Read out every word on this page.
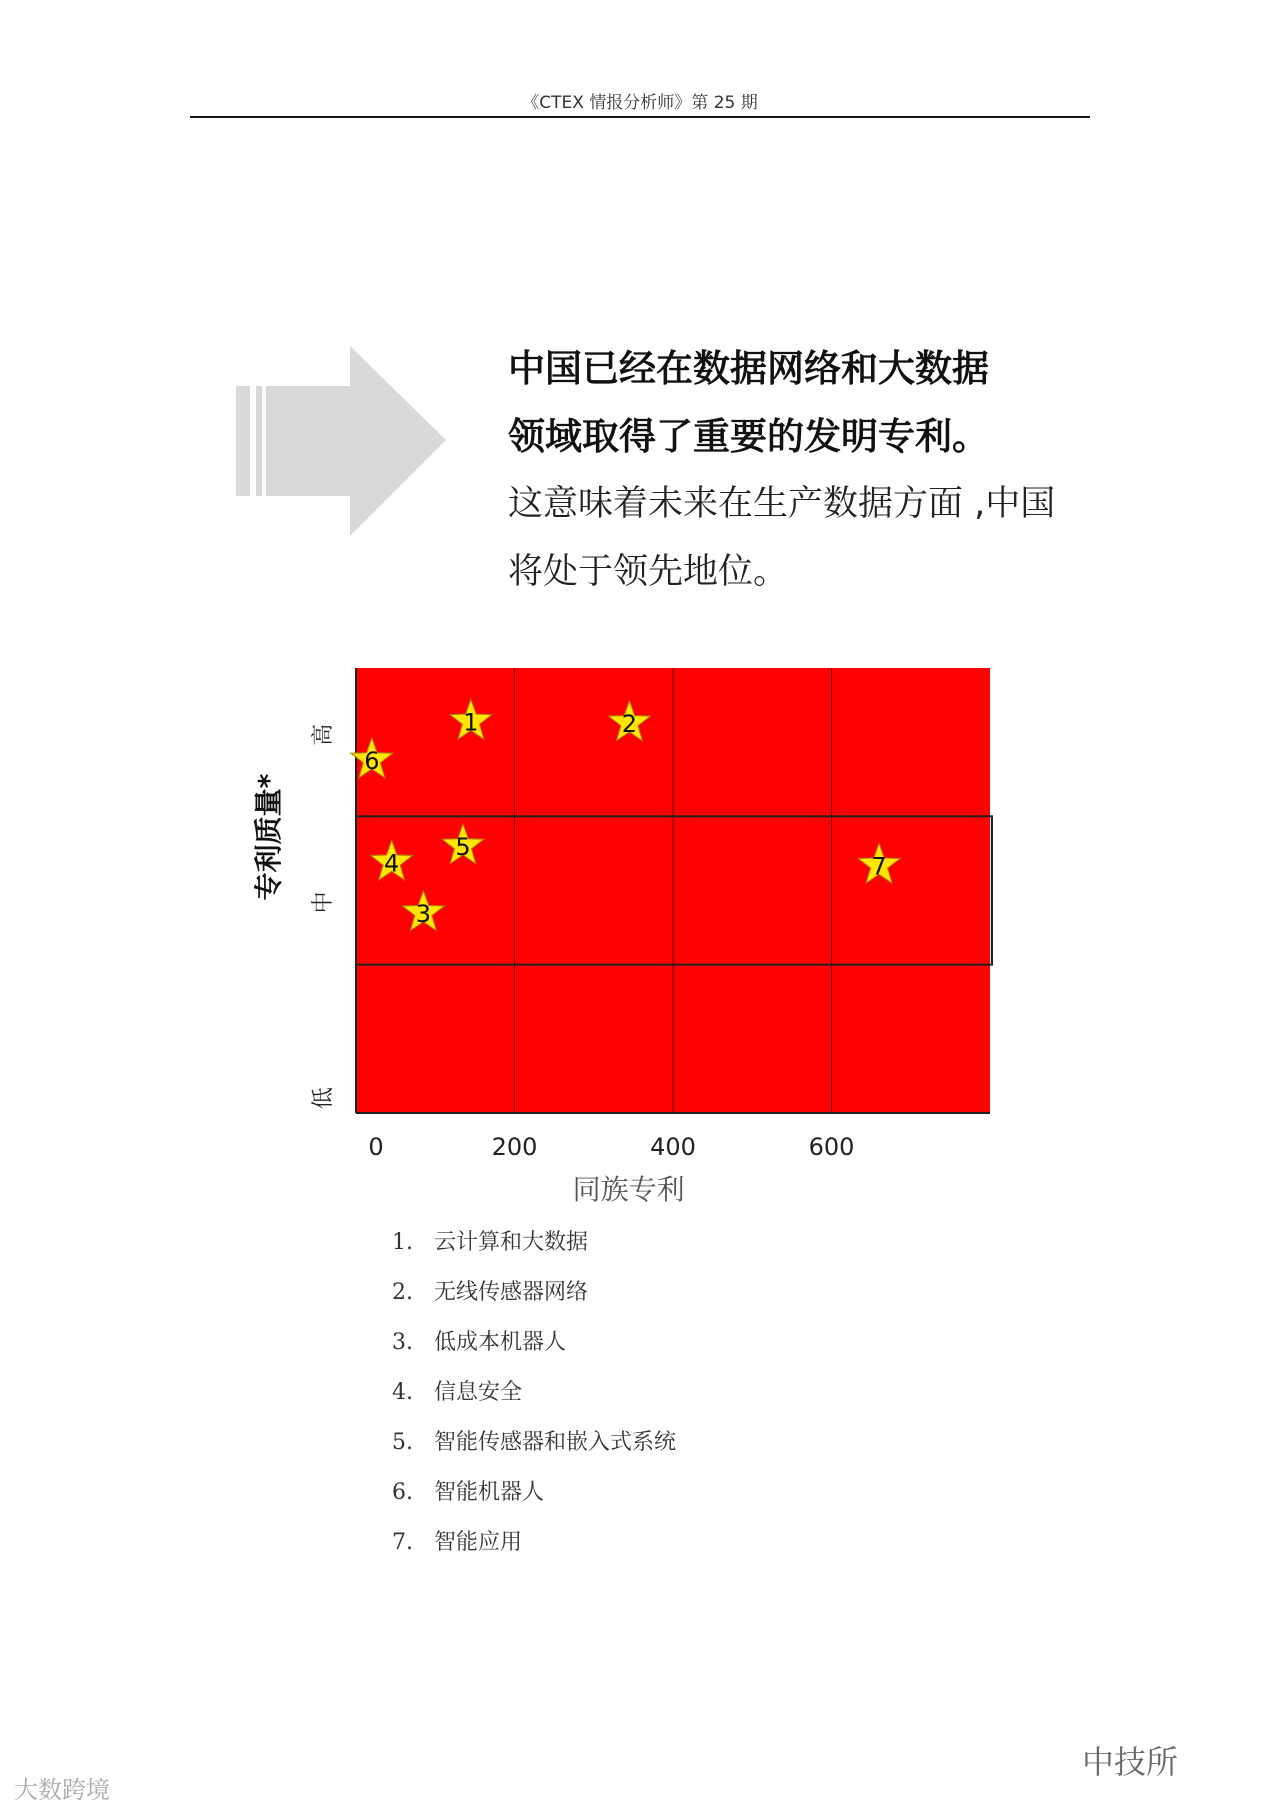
《CTEX 情报分析师》第 25 期
中国已经在数据网络和大数据
领域取得了重要的发明专利。
这意味着未来在生产数据方面 ,中国
将处于领先地位。
0	200	400	600
高
中
低
1	2
3
4
5
6
7
同族专利
专利质量*
1. 云计算和大数据
2. 无线传感器网络
3. 低成本机器人
4. 信息安全
5. 智能传感器和嵌入式系统
6. 智能机器人
7. 智能应用
中技所
大数跨境
